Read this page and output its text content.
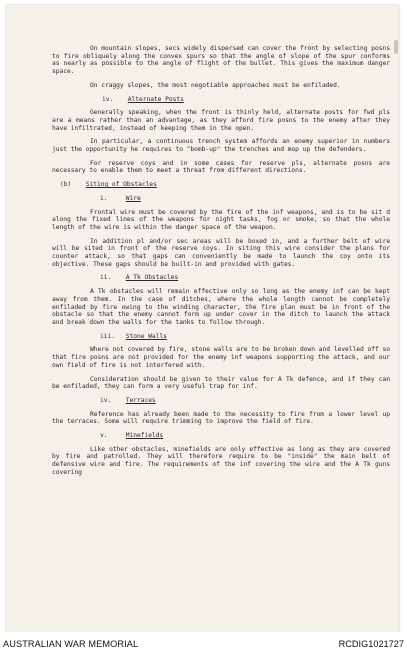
On mountain slopes, secs widely dispersed can cover the front by selecting posns to fire obliquely along the convex spurs so that the angle of slope of the spur conforms as nearly as possible to the angle of flight of the bullet. This gives the maximum danger space.

On craggy slopes, the most negotiable approaches must be enfiladed.

iv. Alternate Posts

Generally speaking, when the front is thinly held, alternate posts for fwd pls are a means rather than an advantage, as they afford fire posns to the enemy after they have infiltrated, instead of keeping them in the open.

In particular, a continuous trench system affords an enemy superior in numbers just the opportunity he requires to "bomb-up" the trenches and mop up the defenders.

For reserve coys and in some cases for reserve pls, alternate posns are necessary to enable them to meet a threat from different directions.

(b) Siting of Obstacles

i.	Wire

Frontal wire must be covered by the fire of the inf weapons, and is to be sit d along the fixed lines of the weapons for night tasks, fog or smoke, so that the whole length of the wire is within the danger space of the weapon.

In addition pl and/or sec areas will be boxed in, and a further belt of wire will be sited in front of the reserve coys. In siting this wire consider the plans for counter attack, so that gaps can conveniently be made to launch the coy onto its objective. These gaps should be built-in and provided with gates.

ii. A Tk Obstacles

A Tk obstacles will remain effective only so long as the enemy inf can be kept away from them. In the case of ditches, where the whole length cannot be completely enfiladed by fire owing to the winding character, the fire plan must be in front of the obstacle so that the enemy cannot form up under cover in the ditch to launch the attack and break down the walls for the tanks to follow through.

iii. Stone Walls

Where not covered by fire, stone walls are to be broken down and levelled off so that fire posns are not provided for the enemy inf weapons supporting the attack, and our own field of fire is not interfered with.

Consideration should be given to their value for A Tk defence, and if they can be enfiladed, they can form a very useful trap for inf.

iv. Terraces

Reference has already been made to the necessity to fire from a lower level up the terraces. Some will require trimming to improve the field of fire.

v.	Minefields

Like other obstacles, minefields are only effective as long as they are covered by fire and patrolled. They will therefore require to be "inside" the main belt of defensive wire and fire. The requirements of the inf covering the wire and the A Tk guns covering

AUSTRALIAN WAR MEMORIAL	RCDIG1021727
